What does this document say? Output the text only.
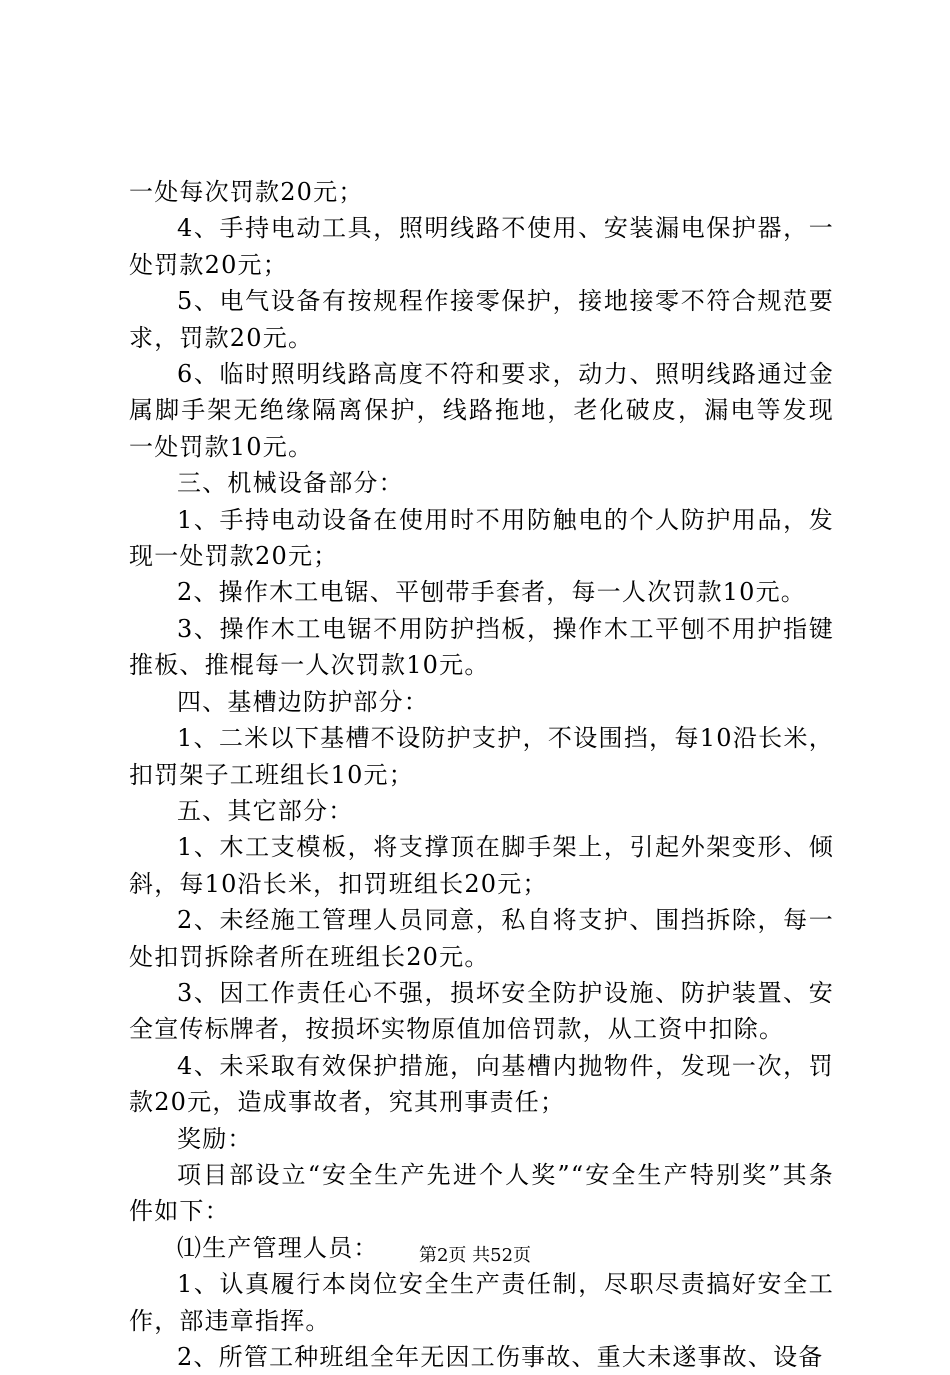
一处每次罚款20元；

4、手持电动工具，照明线路不使用、安装漏电保护器，一处罚款20元；

5、电气设备有按规程作接零保护，接地接零不符合规范要求，罚款20元。

6、临时照明线路高度不符和要求，动力、照明线路通过金属脚手架无绝缘隔离保护，线路拖地，老化破皮，漏电等发现一处罚款10元。

三、机械设备部分：

1、手持电动设备在使用时不用防触电的个人防护用品，发现一处罚款20元；

2、操作木工电锯、平刨带手套者，每一人次罚款10元。

3、操作木工电锯不用防护挡板，操作木工平刨不用护指键推板、推棍每一人次罚款10元。

四、基槽边防护部分：

1、二米以下基槽不设防护支护，不设围挡，每10沿长米，扣罚架子工班组长10元；

五、其它部分：

1、木工支模板，将支撑顶在脚手架上，引起外架变形、倾斜，每10沿长米，扣罚班组长20元；

2、未经施工管理人员同意，私自将支护、围挡拆除，每一处扣罚拆除者所在班组长20元。

3、因工作责任心不强，损坏安全防护设施、防护装置、安全宣传标牌者，按损坏实物原值加倍罚款，从工资中扣除。

4、未采取有效保护措施，向基槽内抛物件，发现一次，罚款20元，造成事故者，究其刑事责任；

奖励：

项目部设立“安全生产先进个人奖”“安全生产特别奖”其条件如下：

⑴生产管理人员：

1、认真履行本岗位安全生产责任制，尽职尽责搞好安全工作，部违章指挥。

2、所管工种班组全年无因工伤事故、重大未遂事故、设备

第2页 共52页
